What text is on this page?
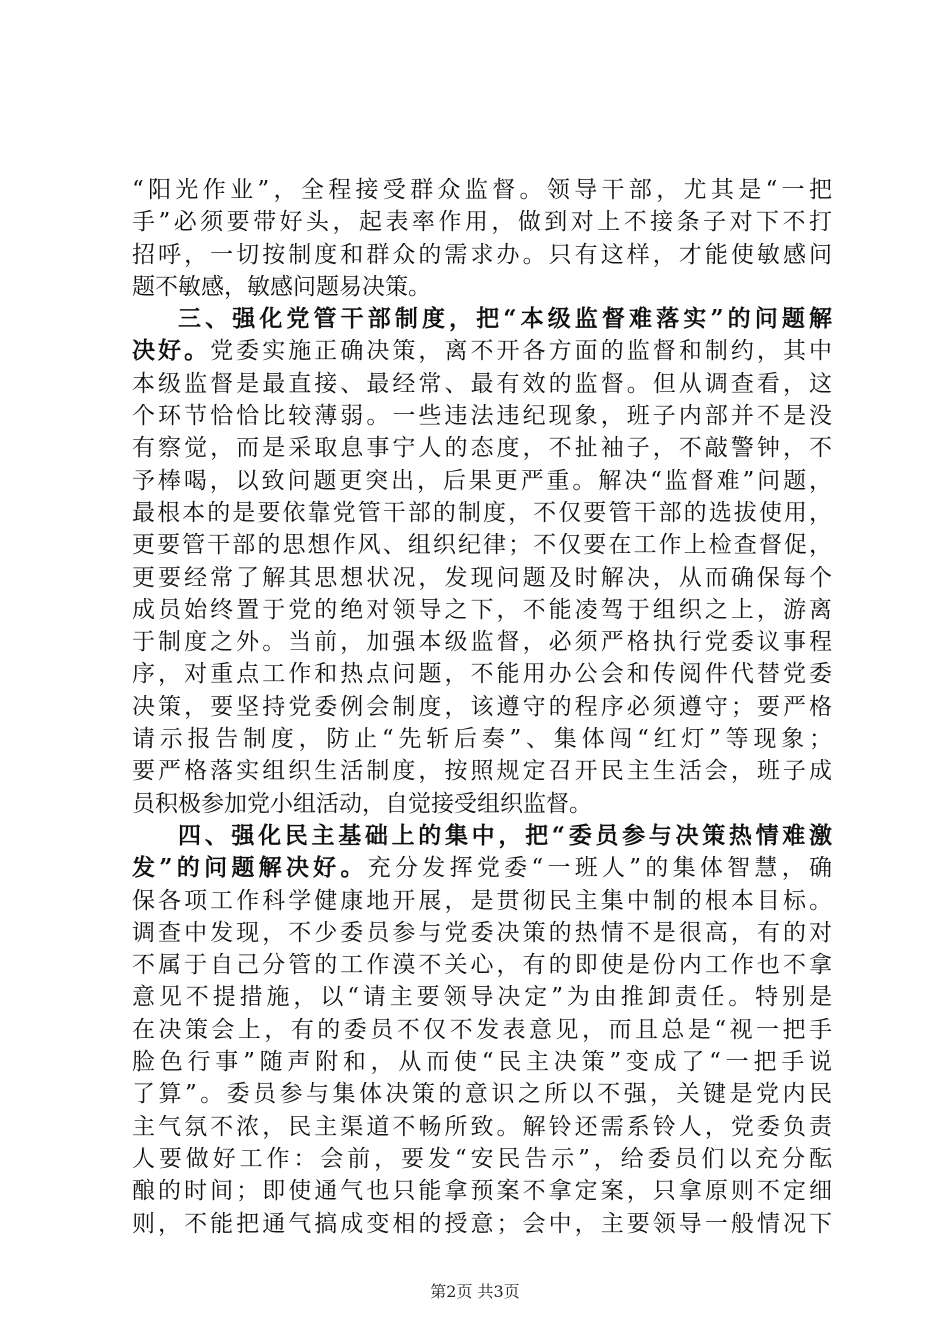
“阳光作业”，全程接受群众监督。领导干部，尤其是“一把
手”必须要带好头，起表率作用，做到对上不接条子对下不打
招呼，一切按制度和群众的需求办。只有这样，才能使敏感问
题不敏感，敏感问题易决策。
三、强化党管干部制度，把“本级监督难落实”的问题解
决好。党委实施正确决策，离不开各方面的监督和制约，其中
本级监督是最直接、最经常、最有效的监督。但从调查看，这
个环节恰恰比较薄弱。一些违法违纪现象，班子内部并不是没
有察觉，而是采取息事宁人的态度，不扯袖子，不敲警钟，不
予棒喝，以致问题更突出，后果更严重。解决“监督难”问题，
最根本的是要依靠党管干部的制度，不仅要管干部的选拔使用，
更要管干部的思想作风、组织纪律；不仅要在工作上检查督促，
更要经常了解其思想状况，发现问题及时解决，从而确保每个
成员始终置于党的绝对领导之下，不能凌驾于组织之上，游离
于制度之外。当前，加强本级监督，必须严格执行党委议事程
序，对重点工作和热点问题，不能用办公会和传阅件代替党委
决策，要坚持党委例会制度，该遵守的程序必须遵守；要严格
请示报告制度，防止“先斩后奏”、集体闯“红灯”等现象；
要严格落实组织生活制度，按照规定召开民主生活会，班子成
员积极参加党小组活动，自觉接受组织监督。
四、强化民主基础上的集中，把“委员参与决策热情难激
发”的问题解决好。充分发挥党委“一班人”的集体智慧，确
保各项工作科学健康地开展，是贯彻民主集中制的根本目标。
调查中发现，不少委员参与党委决策的热情不是很高，有的对
不属于自己分管的工作漠不关心，有的即使是份内工作也不拿
意见不提措施，以“请主要领导决定”为由推卸责任。特别是
在决策会上，有的委员不仅不发表意见，而且总是“视一把手
脸色行事”随声附和，从而使“民主决策”变成了“一把手说
了算”。委员参与集体决策的意识之所以不强，关键是党内民
主气氛不浓，民主渠道不畅所致。解铃还需系铃人，党委负责
人要做好工作：会前，要发“安民告示”，给委员们以充分酝
酿的时间；即使通气也只能拿预案不拿定案，只拿原则不定细
则，不能把通气搞成变相的授意；会中，主要领导一般情况下
第2页 共3页
